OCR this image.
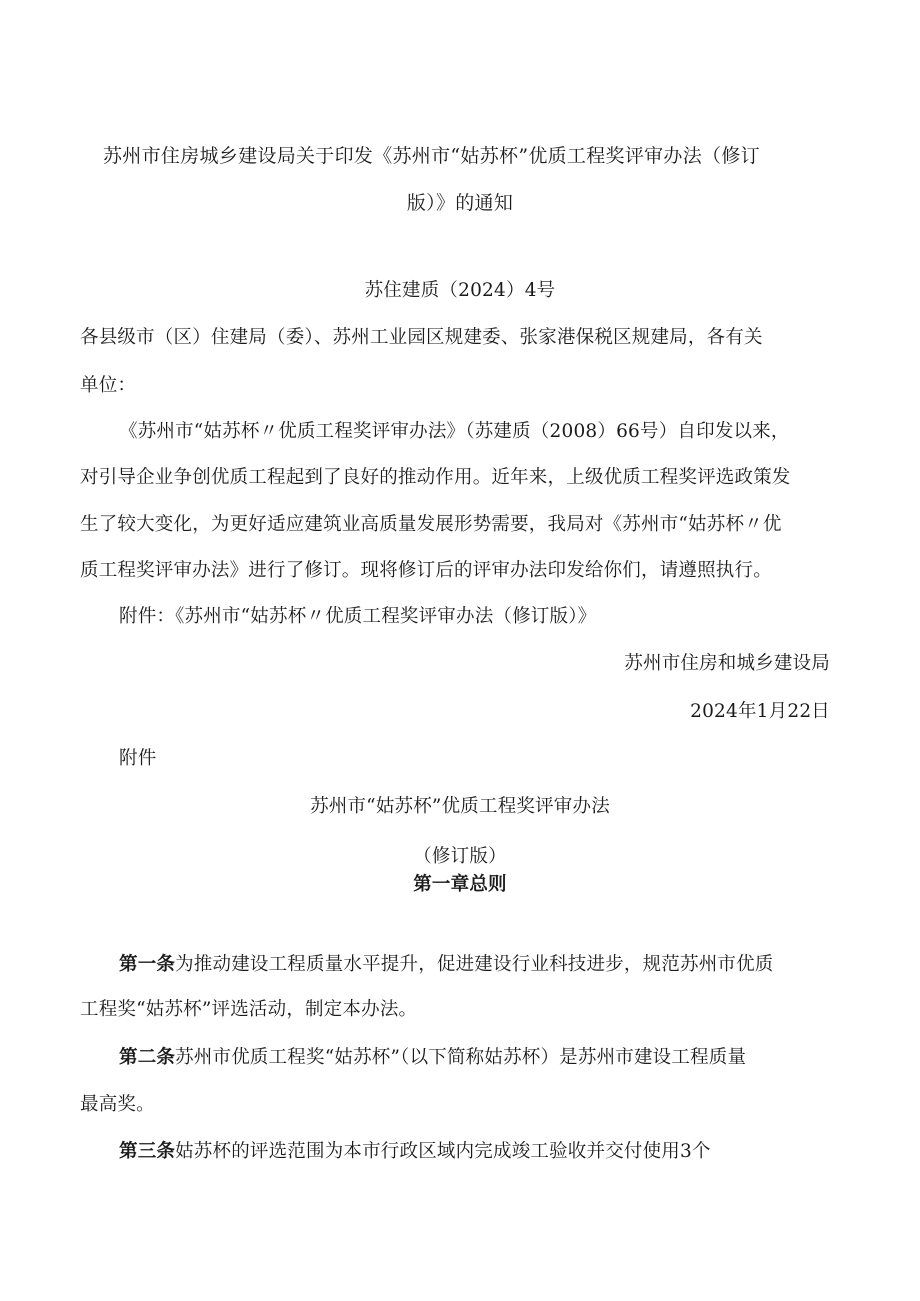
苏州市住房城乡建设局关于印发《苏州市“姑苏杯”优质工程奖评审办法（修订
版）》的通知
苏住建质（2024）4号
各县级市（区）住建局（委）、苏州工业园区规建委、张家港保税区规建局，各有关
单位：
《苏州市“姑苏杯〃优质工程奖评审办法》（苏建质（2008）66号）自印发以来，
对引导企业争创优质工程起到了良好的推动作用。近年来，上级优质工程奖评选政策发
生了较大变化，为更好适应建筑业高质量发展形势需要，我局对《苏州市“姑苏杯〃优
质工程奖评审办法》进行了修订。现将修订后的评审办法印发给你们，请遵照执行。
附件：《苏州市“姑苏杯〃优质工程奖评审办法（修订版）》
苏州市住房和城乡建设局
2024年1月22日
附件
苏州市“姑苏杯”优质工程奖评审办法
（修订版）
第一章总则
第一条为推动建设工程质量水平提升，促进建设行业科技进步，规范苏州市优质
工程奖“姑苏杯”评选活动，制定本办法。
第二条苏州市优质工程奖“姑苏杯”（以下简称姑苏杯）是苏州市建设工程质量
最高奖。
第三条姑苏杯的评选范围为本市行政区域内完成竣工验收并交付使用3个
